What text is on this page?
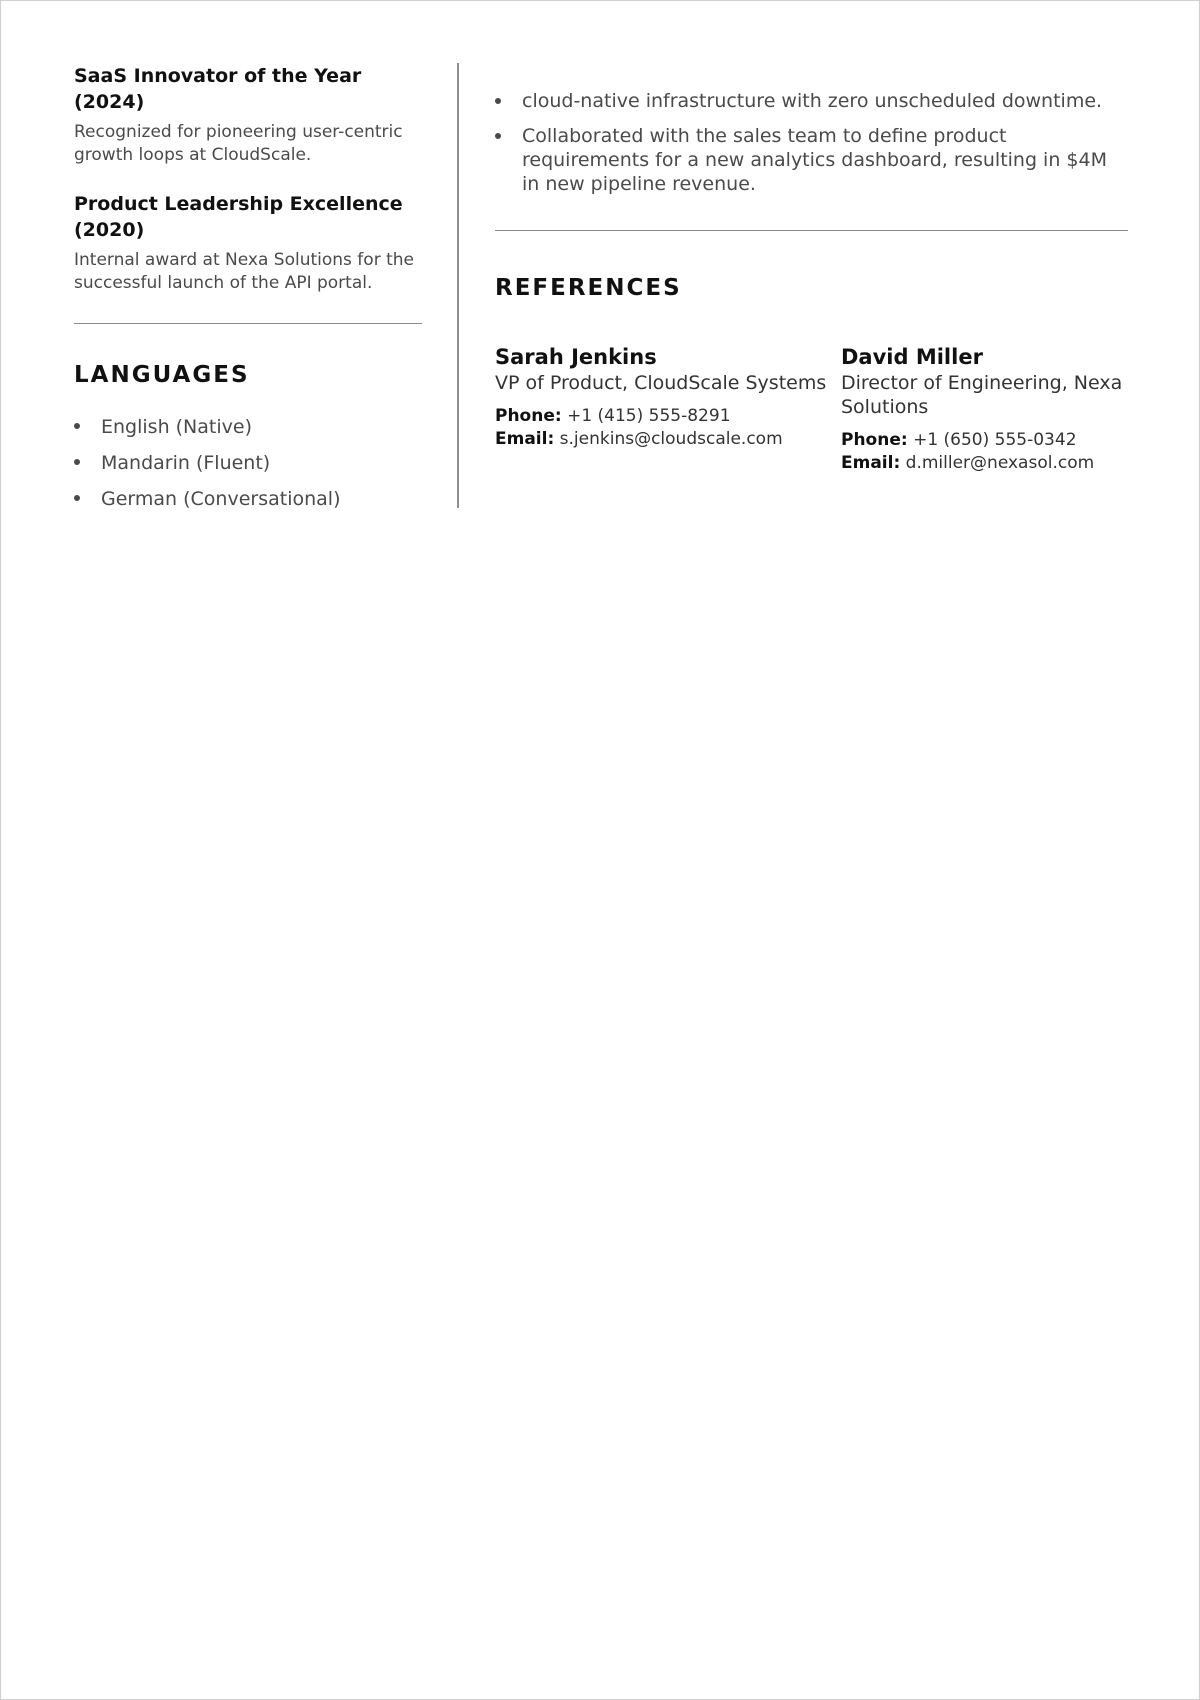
SaaS Innovator of the Year (2024)

Recognized for pioneering user-centric growth loops at CloudScale.

Product Leadership Excellence (2020)

Internal award at Nexa Solutions for the successful launch of the API portal.

LANGUAGES
English (Native)
Mandarin (Fluent)
German (Conversational)
cloud-native infrastructure with zero unscheduled downtime.
Collaborated with the sales team to define product requirements for a new analytics dashboard, resulting in $4M in new pipeline revenue.
REFERENCES
Sarah Jenkins

VP of Product, CloudScale Systems

Phone: +1 (415) 555-8291
Email: s.jenkins@cloudscale.com
David Miller

Director of Engineering, Nexa Solutions

Phone: +1 (650) 555-0342
Email: d.miller@nexasol.com
